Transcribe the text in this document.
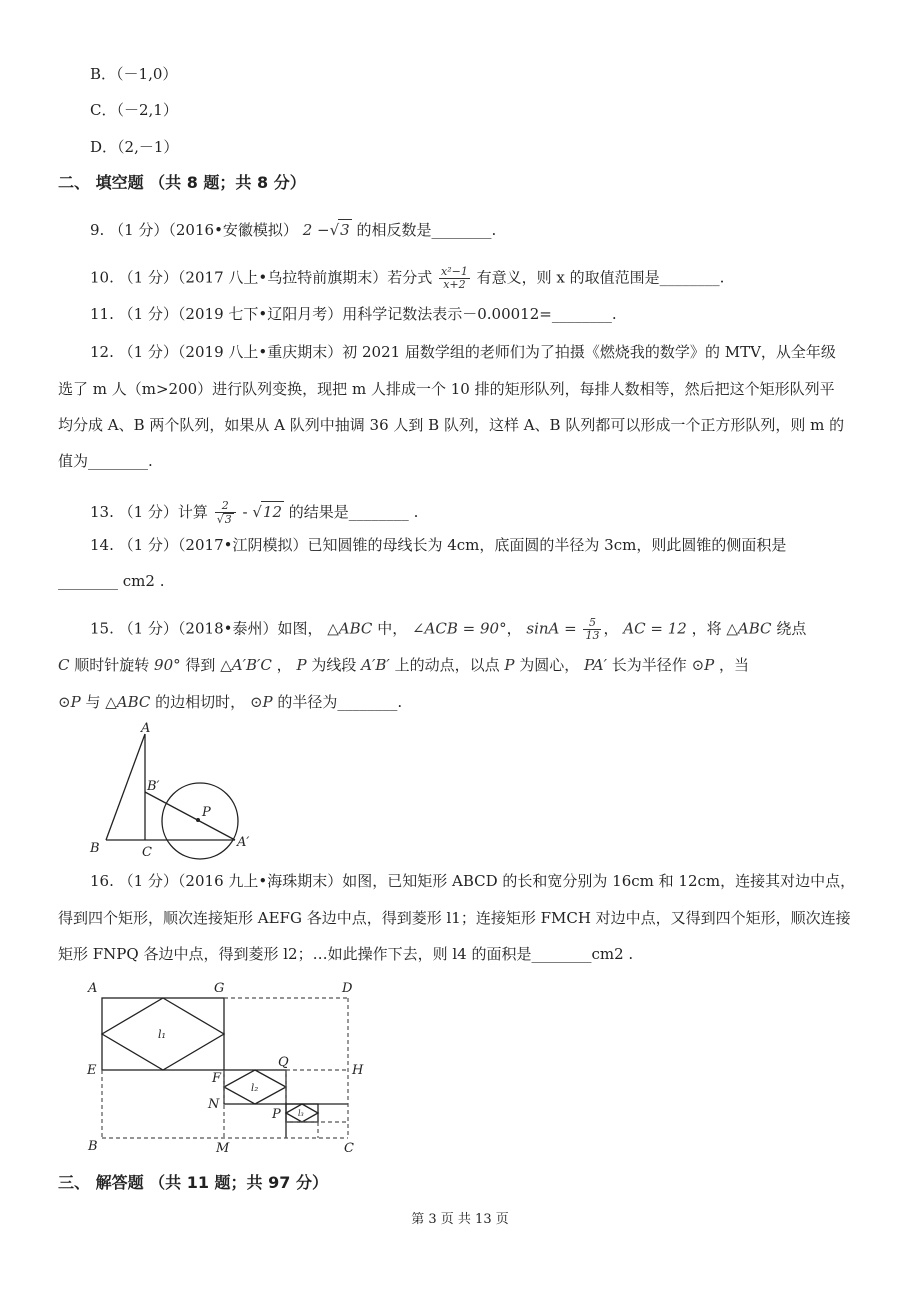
B．（－1,0）
C．（－2,1）
D．（2,－1）
二、 填空题 （共 8 题；共 8 分）
9. （1 分）（2016•安徽模拟） 2 −√3 的相反数是________.
10. （1 分）（2017 八上•乌拉特前旗期末）若分式 $\frac{\text{x²−1}}{x+2}$ 有意义，则 x 的取值范围是________.
11. （1 分）（2019 七下•辽阳月考）用科学记数法表示－0.00012=________.
12. （1 分）（2019 八上•重庆期末）初 2021 届数学组的老师们为了拍摄《燃烧我的数学》的 MTV，从全年级
选了 m 人（m>200）进行队列变换，现把 m 人排成一个 10 排的矩形队列，每排人数相等，然后把这个矩形队列平
均分成 A、B 两个队列，如果从 A 队列中抽调 36 人到 B 队列，这样 A、B 队列都可以形成一个正方形队列，则 m 的
值为________.
13. （1 分）计算 $\frac{2}{√3} - √12$ 的结果是________ .
14. （1 分）（2017•江阴模拟）已知圆锥的母线长为 4cm，底面圆的半径为 3cm，则此圆锥的侧面积是
________ cm2 .
15. （1 分）（2018•泰州）如图， △ABC 中， ∠ACB = 90°， $\sin A = \frac{5}{13}$ ， AC = 12 ，将 △ABC 绕点
C 顺时针旋转 90° 得到 △A′B′C ， P 为线段 A′B′ 上的动点，以点 P 为圆心， PA′ 长为半径作 ⊙P ，当
⊙P 与 △ABC 的边相切时， ⊙P 的半径为________.
A
B′
P
B	C
A′
16. （1 分）（2016 九上•海珠期末）如图，已知矩形 ABCD 的长和宽分别为 16cm 和 12cm，连接其对边中点，
得到四个矩形，顺次连接矩形 AEFG 各边中点，得到菱形 l1；连接矩形 FMCH 对边中点，又得到四个矩形，顺次连接
矩形 FNPQ 各边中点，得到菱形 l2；…如此操作下去，则 l4 的面积是________cm2 .
A	G	D
E	H
F
Q
N
P
B	M	C
l₁
l₂
l₃
三、 解答题 （共 11 题；共 97 分）
第 3 页 共 13 页
